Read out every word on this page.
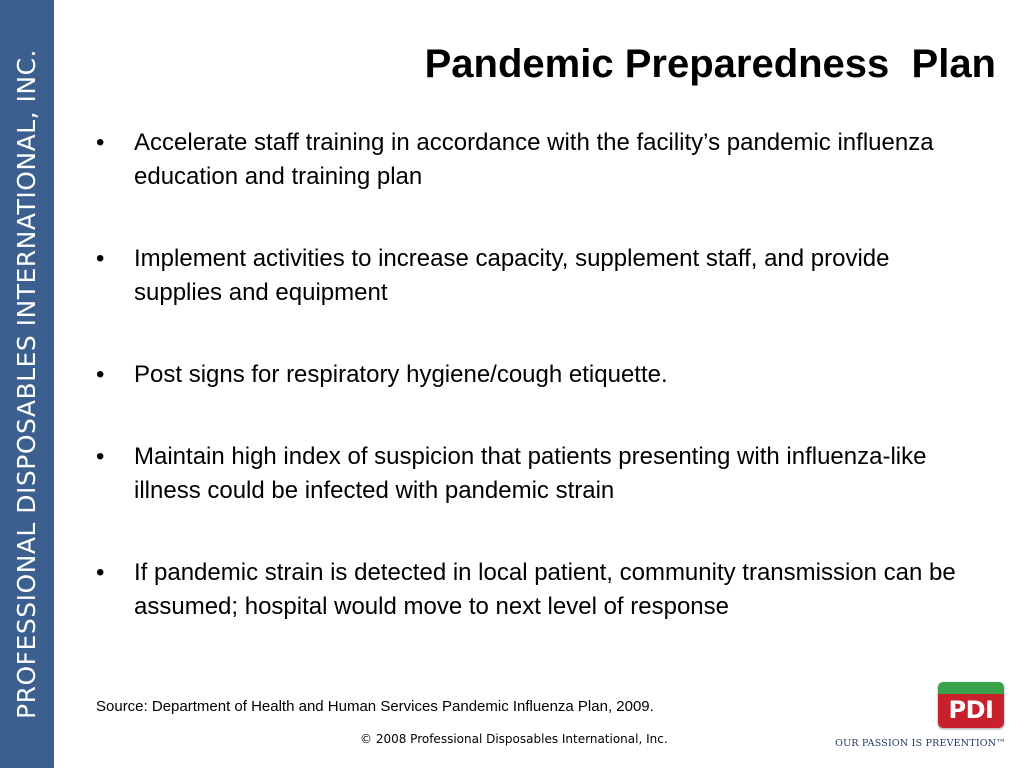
PROFESSIONAL DISPOSABLES INTERNATIONAL, INC.	Pandemic Preparedness  Plan
• Accelerate staff training in accordance with the facility’s pandemic influenza education and training plan
• Implement activities to increase capacity, supplement staff, and provide supplies and equipment
• Post signs for respiratory hygiene/cough etiquette.
• Maintain high index of suspicion that patients presenting with influenza-like illness could be infected with pandemic strain
• If pandemic strain is detected in local patient, community transmission can be assumed; hospital would move to next level of response
Source: Department of Health and Human Services Pandemic Influenza Plan, 2009.
© 2008 Professional Disposables International, Inc.
PDI
OUR PASSION IS PREVENTION™
